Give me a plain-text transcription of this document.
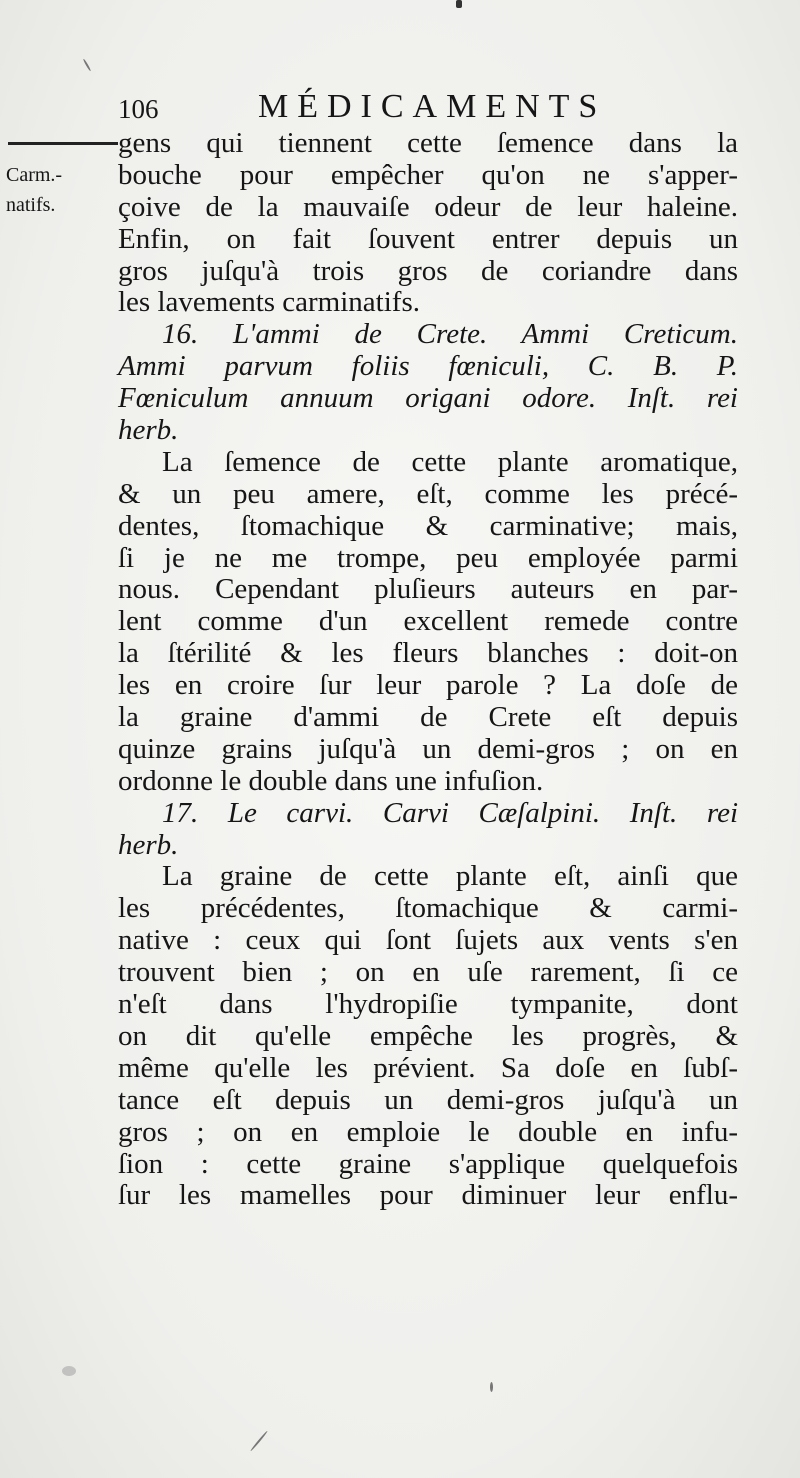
106	MÉDICAMENTS
Carm.-
natifs.
gens qui tiennent cette ſemence dans la
bouche pour empêcher qu'on ne s'apper-
çoive de la mauvaiſe odeur de leur haleine.
Enfin, on fait ſouvent entrer depuis un
gros juſqu'à trois gros de coriandre dans
les lavements carminatifs.
16. L'ammi de Crete. Ammi Creticum.
Ammi parvum foliis fœniculi, C. B. P.
Fœniculum annuum origani odore. Inſt. rei
herb.
La ſemence de cette plante aromatique,
& un peu amere, eſt, comme les précé-
dentes, ſtomachique & carminative; mais,
ſi je ne me trompe, peu employée parmi
nous. Cependant pluſieurs auteurs en par-
lent comme d'un excellent remede contre
la ſtérilité & les fleurs blanches : doit-on
les en croire ſur leur parole ? La doſe de
la graine d'ammi de Crete eſt depuis
quinze grains juſqu'à un demi-gros ; on en
ordonne le double dans une infuſion.
17. Le carvi. Carvi Cæſalpini. Inſt. rei
herb.
La graine de cette plante eſt, ainſi que
les précédentes, ſtomachique & carmi-
native : ceux qui ſont ſujets aux vents s'en
trouvent bien ; on en uſe rarement, ſi ce
n'eſt dans l'hydropiſie tympanite, dont
on dit qu'elle empêche les progrès, &
même qu'elle les prévient. Sa doſe en ſubſ-
tance eſt depuis un demi-gros juſqu'à un
gros ; on en emploie le double en infu-
ſion : cette graine s'applique quelquefois
ſur les mamelles pour diminuer leur enflu-
